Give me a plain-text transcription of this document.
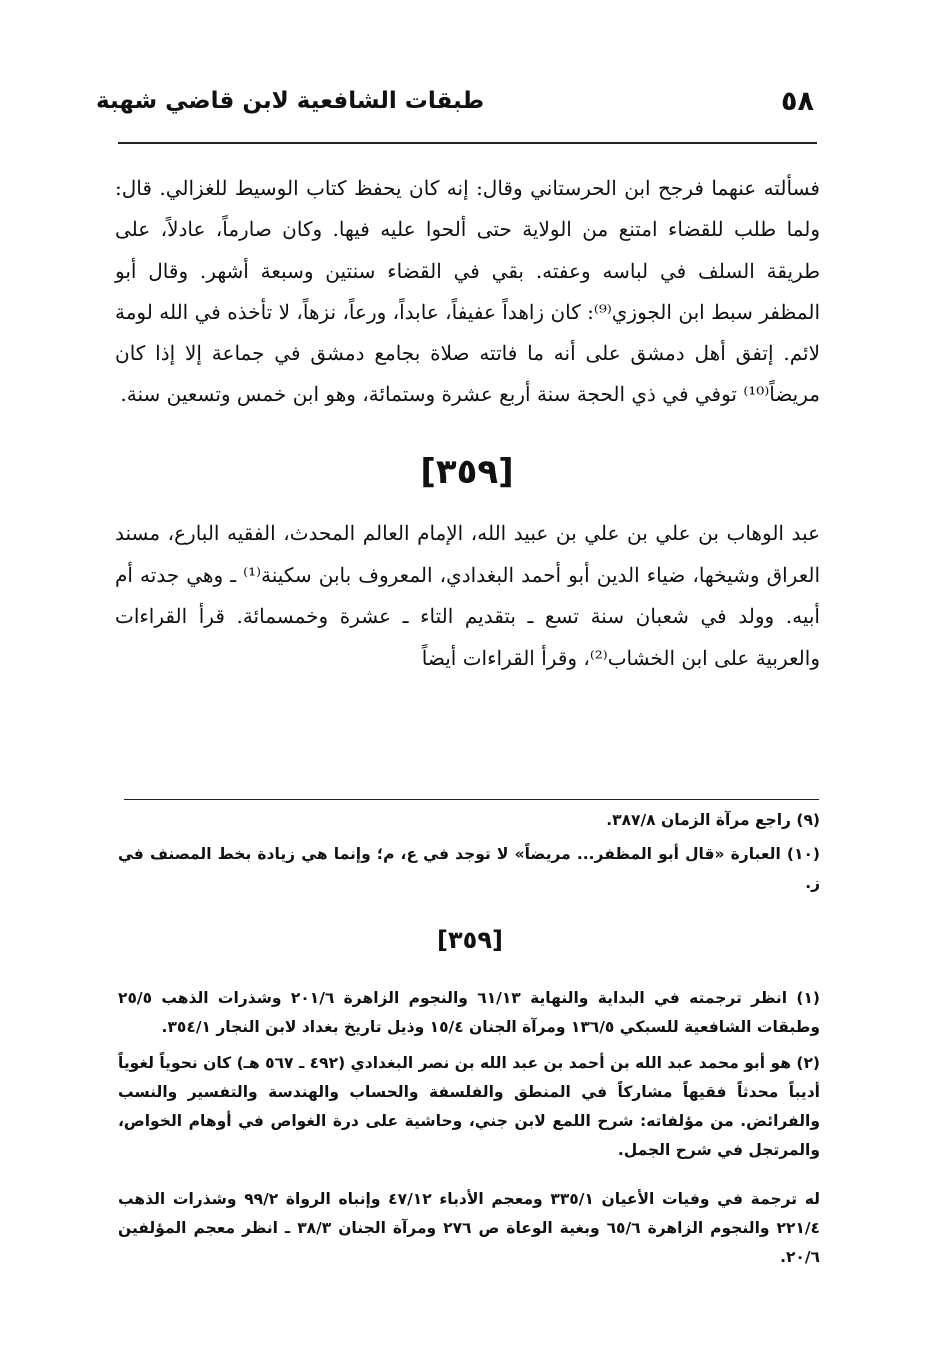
٥٨
طبقات الشافعية لابن قاضي شهبة

فسألته عنهما فرجح ابن الحرستاني وقال: إنه كان يحفظ كتاب الوسيط للغزالي. قال: ولما طلب للقضاء امتنع من الولاية حتى ألحوا عليه فيها. وكان صارماً، عادلاً، على طريقة السلف في لباسه وعفته. بقي في القضاء سنتين وسبعة أشهر. وقال أبو المظفر سبط ابن الجوزي⁽⁹⁾: كان زاهداً عفيفاً، عابداً، ورعاً، نزهاً، لا تأخذه في الله لومة لائم. إتفق أهل دمشق على أنه ما فاتته صلاة بجامع دمشق في جماعة إلا إذا كان مريضاً⁽¹⁰⁾ توفي في ذي الحجة سنة أربع عشرة وستمائة، وهو ابن خمس وتسعين سنة.

[٣٥٩]

عبد الوهاب بن علي بن علي بن عبيد الله، الإمام العالم المحدث، الفقيه البارع، مسند العراق وشيخها، ضياء الدين أبو أحمد البغدادي، المعروف بابن سكينة⁽¹⁾ ـ وهي جدته أم أبيه. وولد في شعبان سنة تسع ـ بتقديم التاء ـ عشرة وخمسمائة. قرأ القراءات والعربية على ابن الخشاب⁽²⁾، وقرأ القراءات أيضاً

(٩) راجع مرآة الزمان ٣٨٧/٨.

(١٠) العبارة «قال أبو المظفر... مريضاً» لا توجد في ع، م؛ وإنما هي زيادة بخط المصنف في ز.

[٣٥٩]

(١) انظر ترجمته في البداية والنهاية ٦١/١٣ والنجوم الزاهرة ٢٠١/٦ وشذرات الذهب ٢٥/٥ وطبقات الشافعية للسبكي ١٣٦/٥ ومرآة الجنان ١٥/٤ وذيل تاريخ بغداد لابن النجار ٣٥٤/١.

(٢) هو أبو محمد عبد الله بن أحمد بن عبد الله بن نصر البغدادي (٤٩٢ ـ ٥٦٧ هـ) كان نحوياً لغوياً أديباً محدثاً فقيهاً مشاركاً في المنطق والفلسفة والحساب والهندسة والتفسير والنسب والفرائض. من مؤلفاته: شرح اللمع لابن جني، وحاشية على درة الغواص في أوهام الخواص، والمرتجل في شرح الجمل.

له ترجمة في وفيات الأعيان ٣٣٥/١ ومعجم الأدباء ٤٧/١٢ وإنباه الرواة ٩٩/٢ وشذرات الذهب ٢٢١/٤ والنجوم الزاهرة ٦٥/٦ وبغية الوعاة ص ٢٧٦ ومرآة الجنان ٣٨/٣ ـ انظر معجم المؤلفين ٢٠/٦.
